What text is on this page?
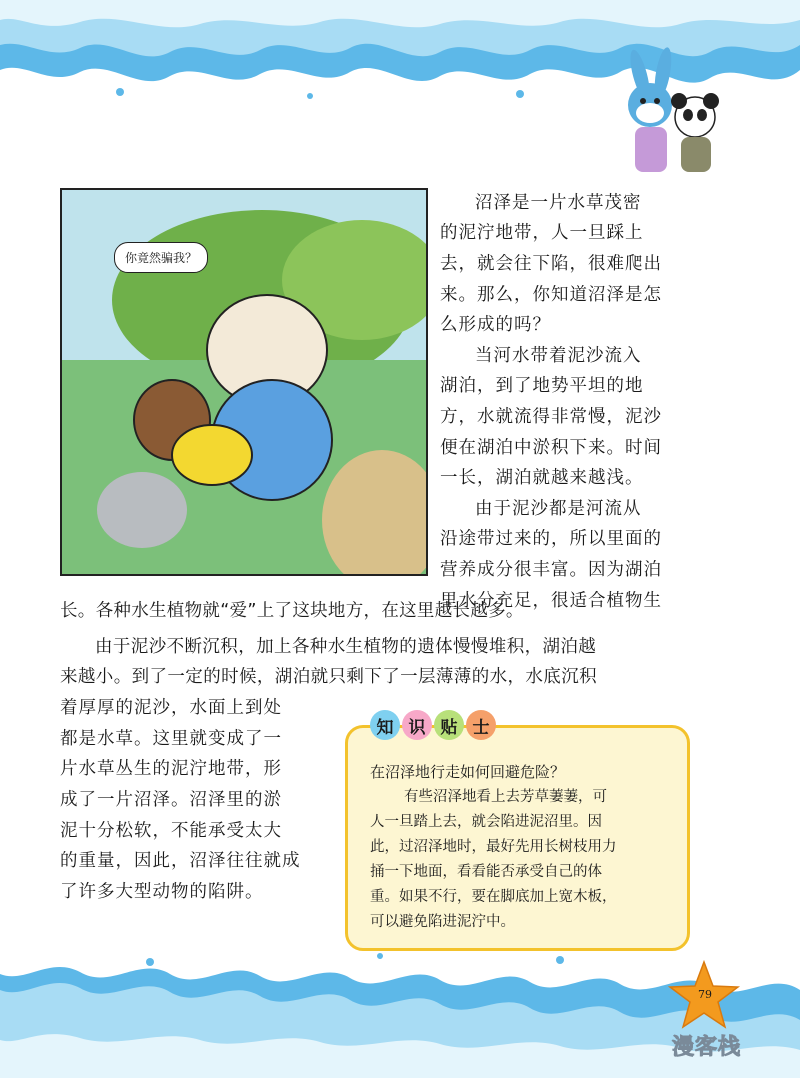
你竟然骗我？
沼泽是一片水草茂密
的泥泞地带，人一旦踩上
去，就会往下陷，很难爬出
来。那么，你知道沼泽是怎
么形成的吗？
当河水带着泥沙流入
湖泊，到了地势平坦的地
方，水就流得非常慢，泥沙
便在湖泊中淤积下来。时间
一长，湖泊就越来越浅。
由于泥沙都是河流从
沿途带过来的，所以里面的
营养成分很丰富。因为湖泊
里水分充足，很适合植物生
长。各种水生植物就“爱”上了这块地方，在这里越长越多。
由于泥沙不断沉积，加上各种水生植物的遗体慢慢堆积，湖泊越
来越小。到了一定的时候，湖泊就只剩下了一层薄薄的水，水底沉积
着厚厚的泥沙，水面上到处
都是水草。这里就变成了一
片水草丛生的泥泞地带，形
成了一片沼泽。沼泽里的淤
泥十分松软，不能承受太大
的重量，因此，沼泽往往就成
了许多大型动物的陷阱。
知 识 贴 士
在沼泽地行走如何回避危险？
有些沼泽地看上去芳草萋萋，可
人一旦踏上去，就会陷进泥沼里。因
此，过沼泽地时，最好先用长树枝用力
捅一下地面，看看能否承受自己的体
重。如果不行，要在脚底加上宽木板，
可以避免陷进泥泞中。
79
漫客栈
